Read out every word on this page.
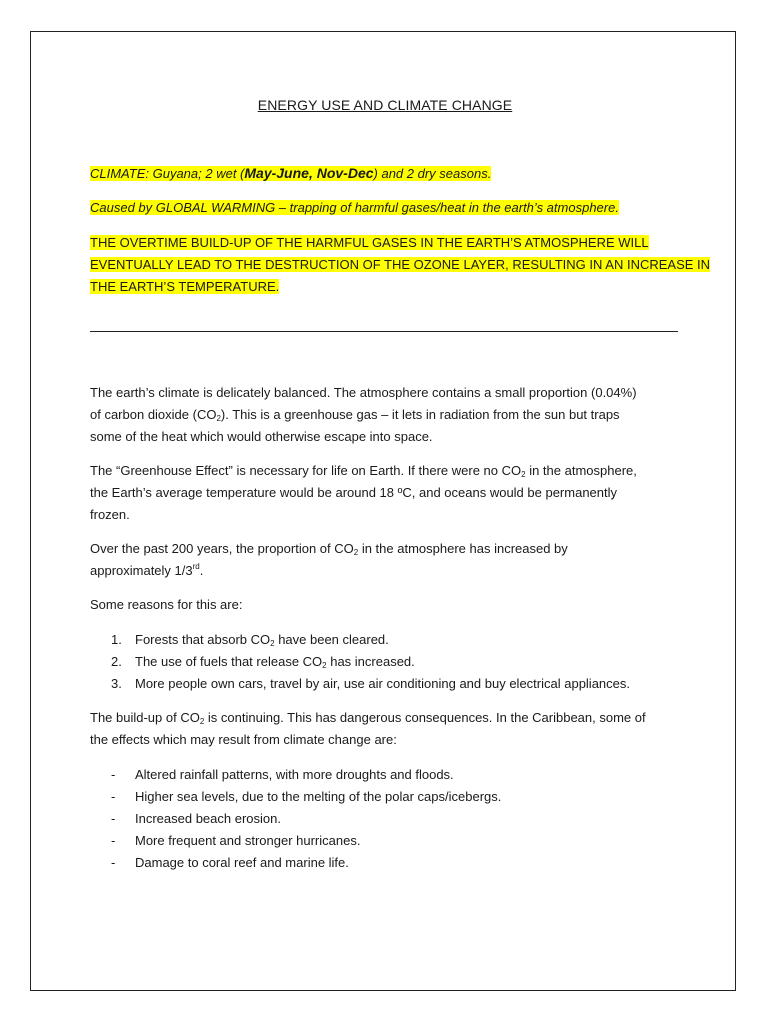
ENERGY USE AND CLIMATE CHANGE
CLIMATE: Guyana; 2 wet (May-June, Nov-Dec) and 2 dry seasons.
Caused by GLOBAL WARMING – trapping of harmful gases/heat in the earth’s atmosphere.
THE OVERTIME BUILD-UP OF THE HARMFUL GASES IN THE EARTH’S ATMOSPHERE WILL
EVENTUALLY LEAD TO THE DESTRUCTION OF THE OZONE LAYER, RESULTING IN AN INCREASE IN
THE EARTH’S TEMPERATURE.
The earth’s climate is delicately balanced. The atmosphere contains a small proportion (0.04%)
of carbon dioxide $(CO_2)$. This is a greenhouse gas – it lets in radiation from the sun but traps
some of the heat which would otherwise escape into space.
The “Greenhouse Effect” is necessary for life on Earth. If there were no $CO_2$ in the atmosphere,
the Earth’s average temperature would be around 18 ºC, and oceans would be permanently
frozen.
Over the past 200 years, the proportion of $CO_2$ in the atmosphere has increased by
approximately 1/3rd.
Some reasons for this are:
1. Forests that absorb $CO_2$ have been cleared.
2. The use of fuels that release $CO_2$ has increased.
3. More people own cars, travel by air, use air conditioning and buy electrical appliances.
The build-up of $CO_2$ is continuing. This has dangerous consequences. In the Caribbean, some of
the effects which may result from climate change are:
- Altered rainfall patterns, with more droughts and floods.
- Higher sea levels, due to the melting of the polar caps/icebergs.
- Increased beach erosion.
- More frequent and stronger hurricanes.
- Damage to coral reef and marine life.
